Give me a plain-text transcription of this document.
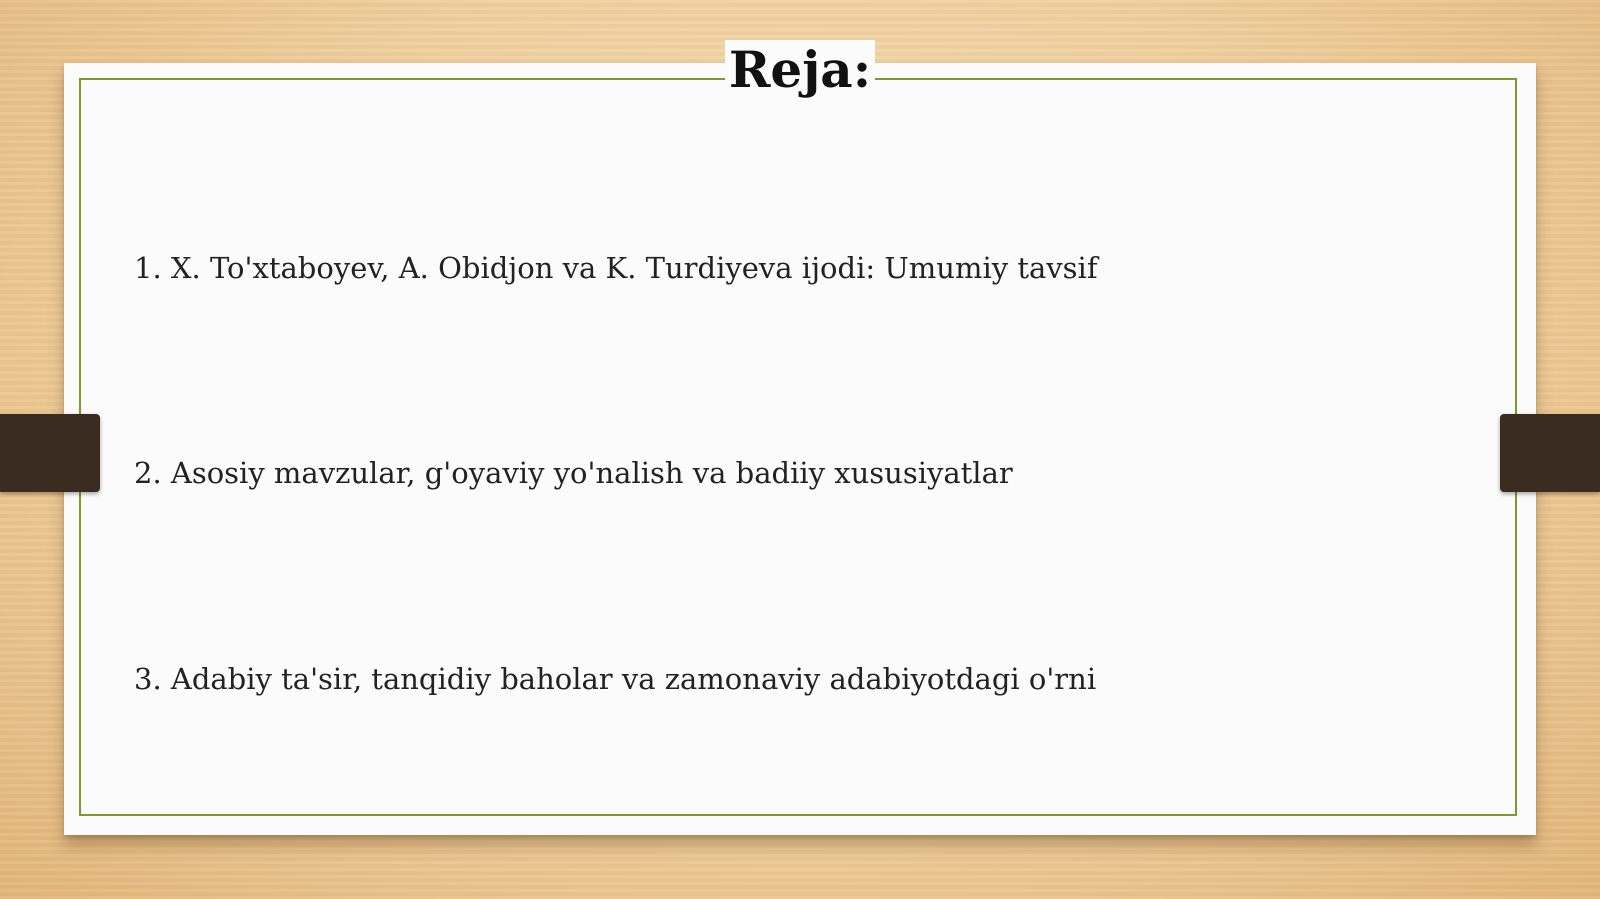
Reja:

1. X. To'xtaboyev, A. Obidjon va K. Turdiyeva ijodi: Umumiy tavsif

2. Asosiy mavzular, g'oyaviy yo'nalish va badiiy xususiyatlar

3. Adabiy ta'sir, tanqidiy baholar va zamonaviy adabiyotdagi o'rni
